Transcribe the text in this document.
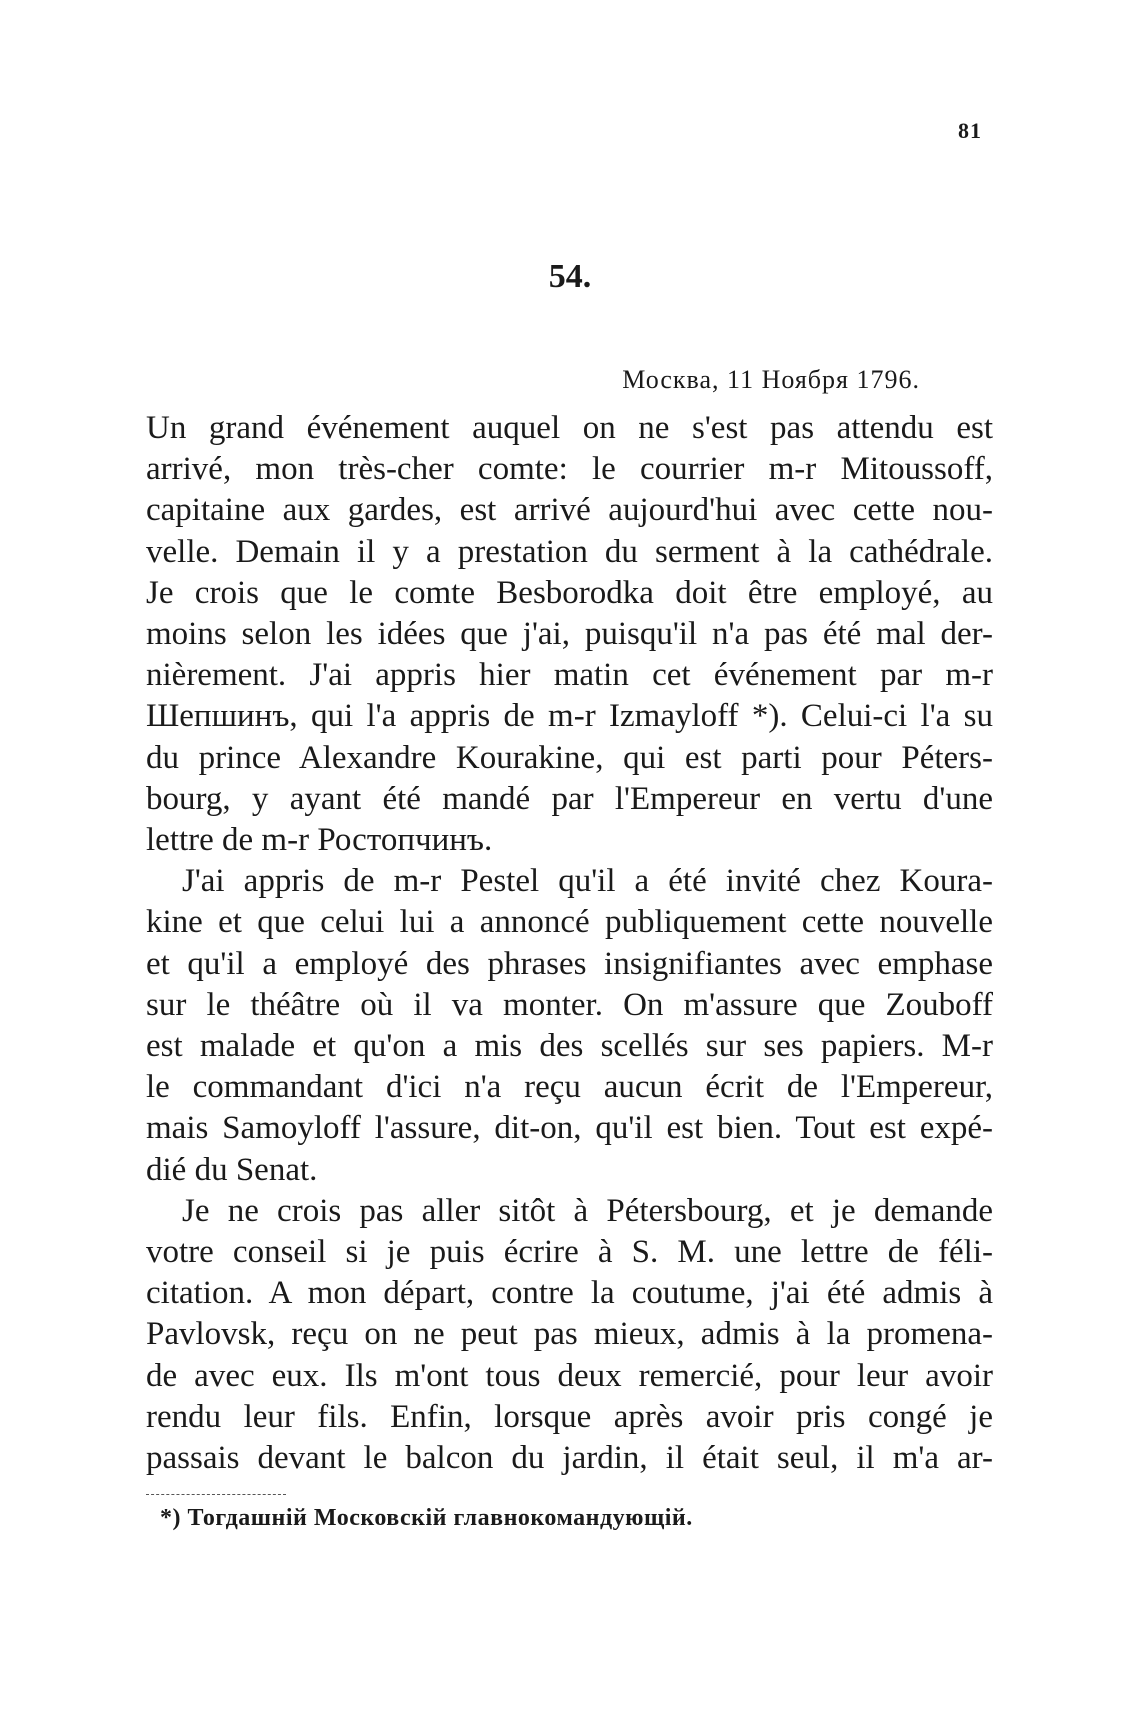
81
54.
Москва, 11 Ноября 1796.

Un grand événement auquel on ne s'est pas attendu est
arrivé, mon très-cher comte: le courrier m-r Mitoussoff,
capitaine aux gardes, est arrivé aujourd'hui avec cette nou-
velle. Demain il y a prestation du serment à la cathédrale.
Je crois que le comte Besborodka doit être employé, au
moins selon les idées que j'ai, puisqu'il n'a pas été mal der-
nièrement. J'ai appris hier matin cet événement par m-r
Шепшинъ, qui l'a appris de m-r Izmayloff *). Celui-ci l'a su
du prince Alexandre Kourakine, qui est parti pour Péters-
bourg, y ayant été mandé par l'Empereur en vertu d'une
lettre de m-r Ростопчинъ.

J'ai appris de m-r Pestel qu'il a été invité chez Koura-
kine et que celui lui a annoncé publiquement cette nouvelle
et qu'il a employé des phrases insignifiantes avec emphase
sur le théâtre où il va monter. On m'assure que Zouboff
est malade et qu'on a mis des scellés sur ses papiers. M-r
le commandant d'ici n'a reçu aucun écrit de l'Empereur,
mais Samoyloff l'assure, dit-on, qu'il est bien. Tout est expé-
dié du Senat.

Je ne crois pas aller sitôt à Pétersbourg, et je demande
votre conseil si je puis écrire à S. M. une lettre de féli-
citation. A mon départ, contre la coutume, j'ai été admis à
Pavlovsk, reçu on ne peut pas mieux, admis à la promena-
de avec eux. Ils m'ont tous deux remercié, pour leur avoir
rendu leur fils. Enfin, lorsque après avoir pris congé je
passais devant le balcon du jardin, il était seul, il m'a ar-

*) Тогдашній Московскій главнокомандующій.
